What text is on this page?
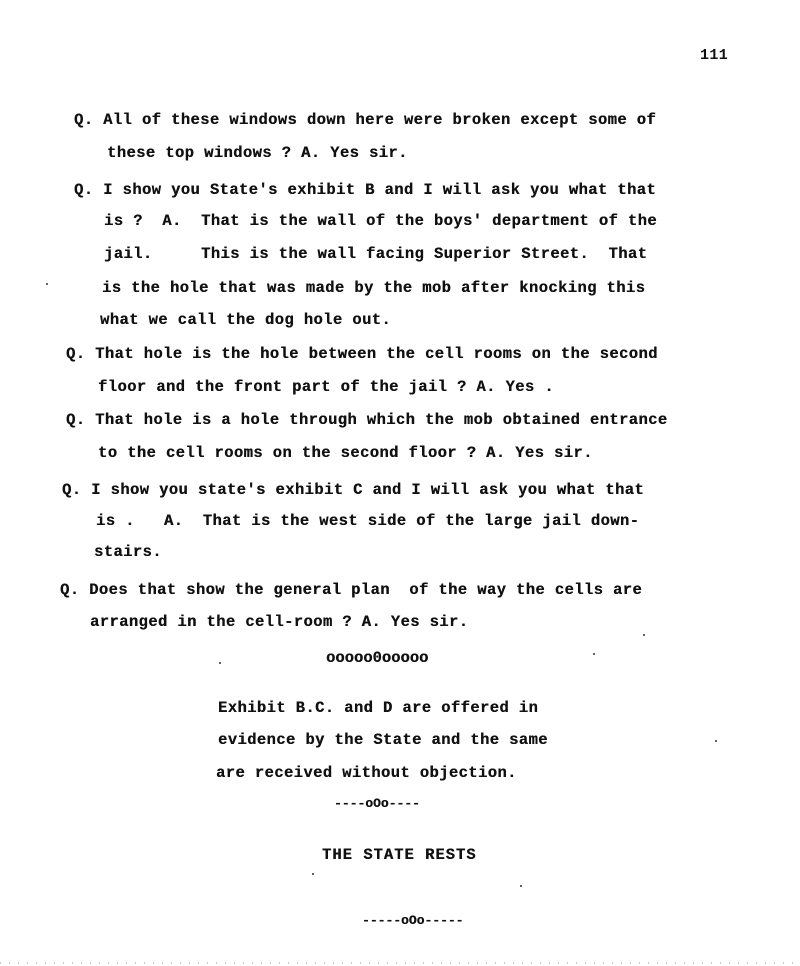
111
Q. All of these windows down here were broken except some of
these top windows ? A. Yes sir.
Q. I show you State's exhibit B and I will ask you what that
is ?  A.  That is the wall of the boys' department of the
jail.     This is the wall facing Superior Street.  That
is the hole that was made by the mob after knocking this
what we call the dog hole out.
Q. That hole is the hole between the cell rooms on the second
floor and the front part of the jail ? A. Yes .
Q. That hole is a hole through which the mob obtained entrance
to the cell rooms on the second floor ? A. Yes sir.
Q. I show you state's exhibit C and I will ask you what that
is .   A.  That is the west side of the large jail down-
stairs.
Q. Does that show the general plan  of the way the cells are
arranged in the cell-room ? A. Yes sir.
ooooo0ooooo
Exhibit B.C. and D are offered in
evidence by the State and the same
are received without objection.
----oOo----
THE STATE RESTS
-----oOo-----
